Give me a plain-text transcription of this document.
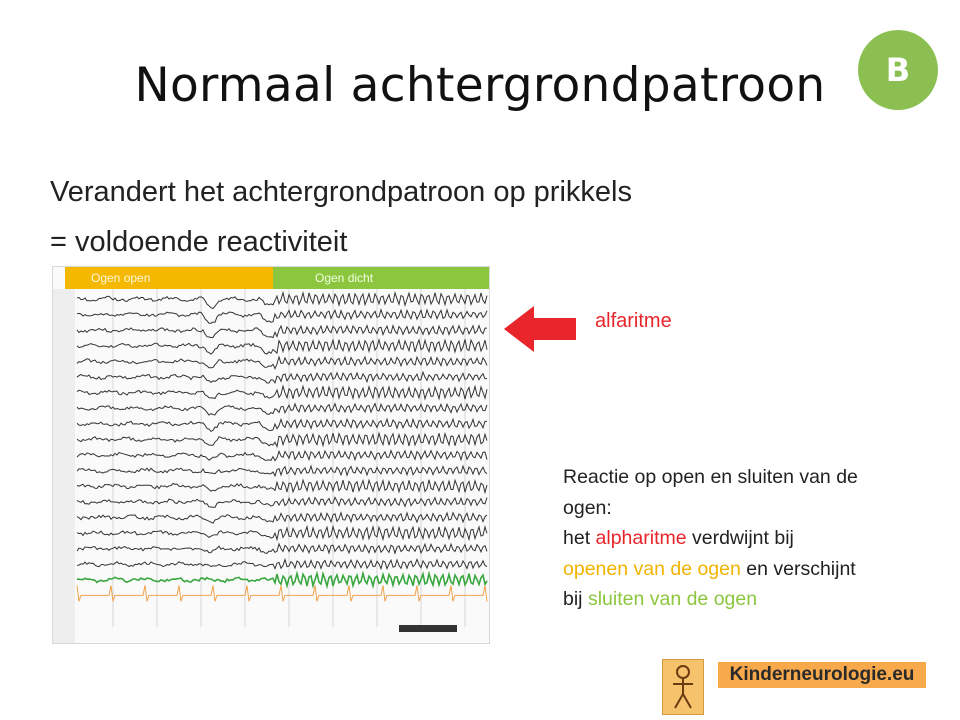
Normaal achtergrondpatroon	B
Verandert het achtergrondpatroon op prikkels
= voldoende reactiviteit
Ogen open	Ogen dicht
alfaritme
Reactie op open en sluiten van de
ogen:
het alpharitme verdwijnt bij
openen van de ogen en verschijnt
bij sluiten van de ogen
Kinderneurologie.eu
